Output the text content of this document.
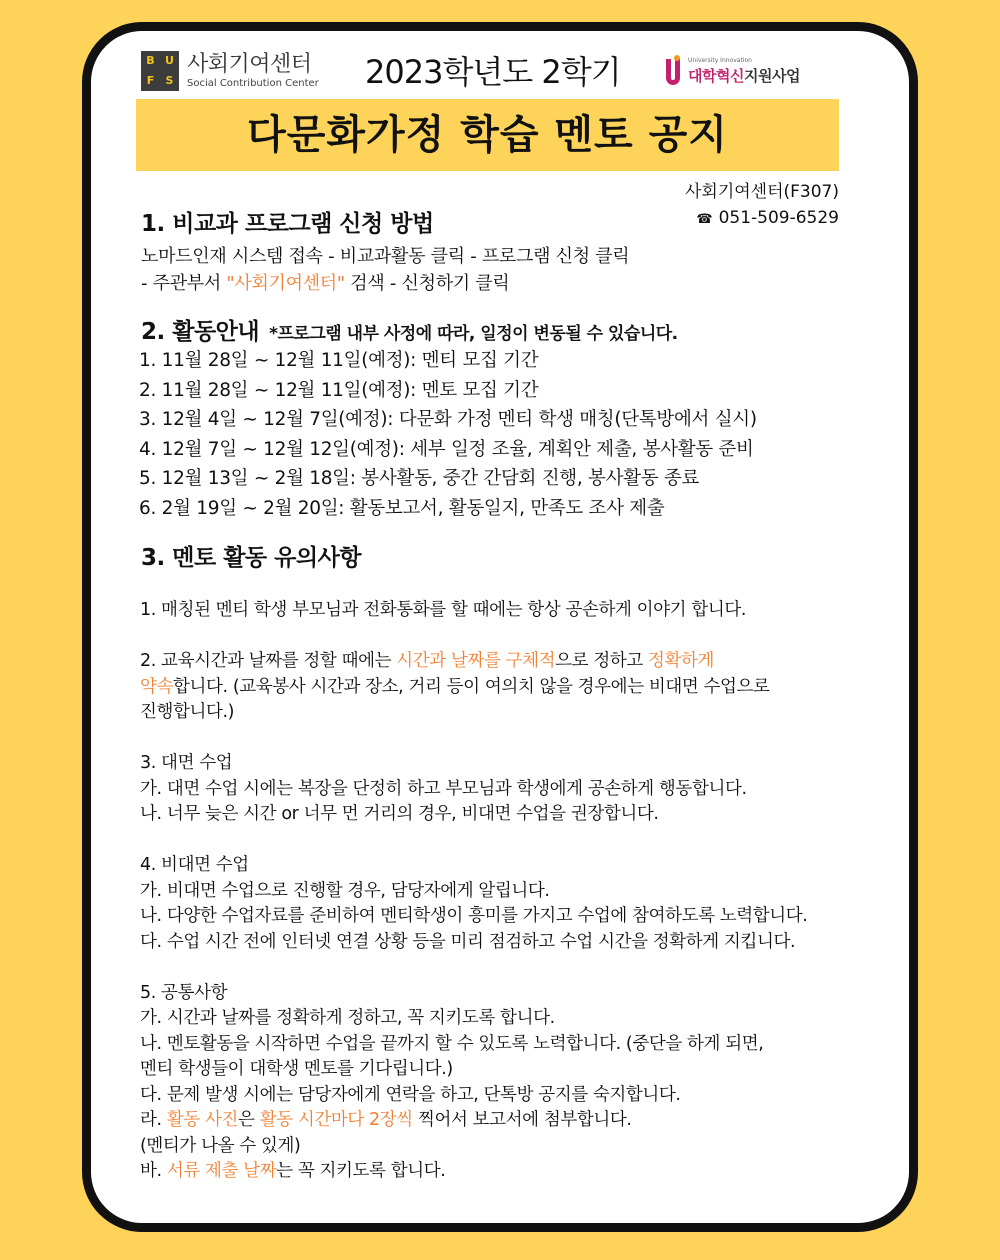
B U
F	S
사회기여센터
Social Contribution Center 2023학년도 2학기	University Innovation
대학혁신지원사업
다문화가정 학습 멘토 공지
사회기여센터(F307)
☎ 051-509-6529
1. 비교과 프로그램 신청 방법
노마드인재 시스템 접속 - 비교과활동 클릭 - 프로그램 신청 클릭
- 주관부서 "사회기여센터" 검색 - 신청하기 클릭
2. 활동안내 *프로그램 내부 사정에 따라, 일정이 변동될 수 있습니다.
1. 11월 28일 ~ 12월 11일(예정): 멘티 모집 기간
2. 11월 28일 ~ 12월 11일(예정): 멘토 모집 기간
3. 12월 4일 ~ 12월 7일(예정): 다문화 가정 멘티 학생 매칭(단톡방에서 실시)
4. 12월 7일 ~ 12월 12일(예정): 세부 일정 조율, 계획안 제출, 봉사활동 준비
5. 12월 13일 ~ 2월 18일: 봉사활동, 중간 간담회 진행, 봉사활동 종료
6. 2월 19일 ~ 2월 20일: 활동보고서, 활동일지, 만족도 조사 제출
3. 멘토 활동 유의사항

1. 매칭된 멘티 학생 부모님과 전화통화를 할 때에는 항상 공손하게 이야기 합니다.

2. 교육시간과 날짜를 정할 때에는 시간과 날짜를 구체적으로 정하고 정확하게

약속합니다. (교육봉사 시간과 장소, 거리 등이 여의치 않을 경우에는 비대면 수업으로

진행합니다.)

3. 대면 수업

가. 대면 수업 시에는 복장을 단정히 하고 부모님과 학생에게 공손하게 행동합니다.

나. 너무 늦은 시간 or 너무 먼 거리의 경우, 비대면 수업을 권장합니다.

4. 비대면 수업

가. 비대면 수업으로 진행할 경우, 담당자에게 알립니다.

나. 다양한 수업자료를 준비하여 멘티학생이 흥미를 가지고 수업에 참여하도록 노력합니다.

다. 수업 시간 전에 인터넷 연결 상황 등을 미리 점검하고 수업 시간을 정확하게 지킵니다.

5. 공통사항

가. 시간과 날짜를 정확하게 정하고, 꼭 지키도록 합니다.

나. 멘토활동을 시작하면 수업을 끝까지 할 수 있도록 노력합니다. (중단을 하게 되면,

멘티 학생들이 대학생 멘토를 기다립니다.)

다. 문제 발생 시에는 담당자에게 연락을 하고, 단톡방 공지를 숙지합니다.

라. 활동 사진은 활동 시간마다 2장씩 찍어서 보고서에 첨부합니다.

(멘티가 나올 수 있게)

바. 서류 제출 날짜는 꼭 지키도록 합니다.
